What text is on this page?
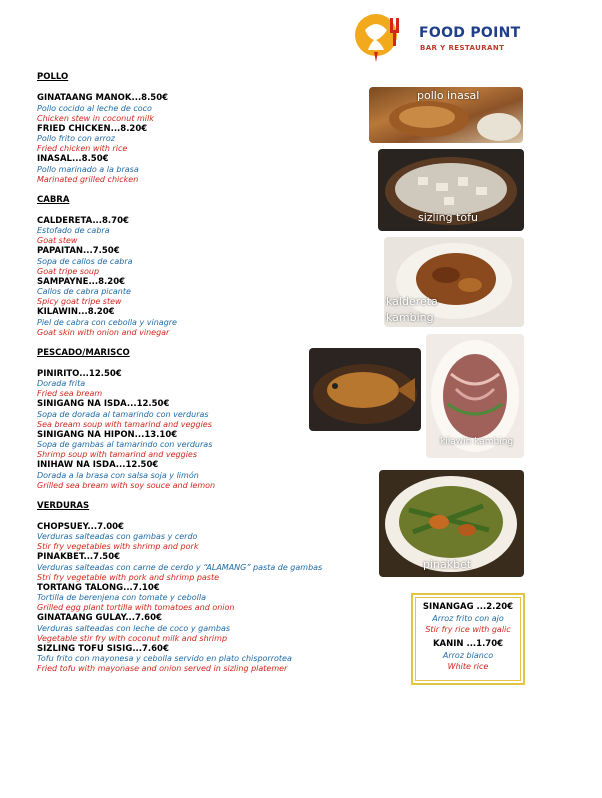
FOOD POINT
BAR Y RESTAURANT
POLLO
GINATAANG MANOK...8.50€
Pollo cocido al leche de coco
Chicken stew in coconut milk
FRIED CHICKEN...8.20€
Pollo frito con arroz
Fried chicken with rice
INASAL...8.50€
Pollo marinado a la brasa
Marinated grilled chicken
CABRA
CALDERETA...8.70€
Estofado de cabra
Goat stew
PAPAITAN...7.50€
Sopa de callos de cabra
Goat tripe soup
SAMPAYNE...8.20€
Callos de cabra picante
Spicy goat tripe stew
KILAWIN...8.20€
Piel de cabra con cebolla y vinagre
Goat skin with onion and vinegar
PESCADO/MARISCO
PINIRITO...12.50€
Dorada frita
Fried sea bream
SINIGANG NA ISDA...12.50€
Sopa de dorada al tamarindo con verduras
Sea bream soup with tamarind and veggies
SINIGANG NA HIPON...13.10€
Sopa de gambas al tamarindo con verduras
Shrimp soup with tamarind and veggies
INIHAW NA ISDA...12.50€
Dorada a la brasa con salsa soja y limón
Grilled sea bream with soy souce and lemon
VERDURAS
CHOPSUEY...7.00€
Verduras salteadas con gambas y cerdo
Stir fry vegetables with shrimp and pork
PINAKBET...7.50€
Verduras salteadas con carne de cerdo y “ALAMANG” pasta de gambas
Stri fry vegetable with pork and shrimp paste
TORTANG TALONG...7.10€
Tortilla de berenjena con tomate y cebolla
Grilled egg plant tortilla with tomatoes and onion
GINATAANG GULAY...7.60€
Verduras salteadas con leche de coco y gambas
Vegetable stir fry with coconut milk and shrimp
SIZLING TOFU SISIG...7.60€
Tofu frito con mayonesa y cebolla servido en plato chisporrotea
Fried tofu with mayonase and onion served in sizling platemer
pollo inasal
sizling tofu
kaldereta
kambing
kilawin kambing
pinakbet
SINANGAG ...2.20€
Arroz frito con ajo
Stir fry rice with galic
KANIN ...1.70€
Arroz blanco
White rice
